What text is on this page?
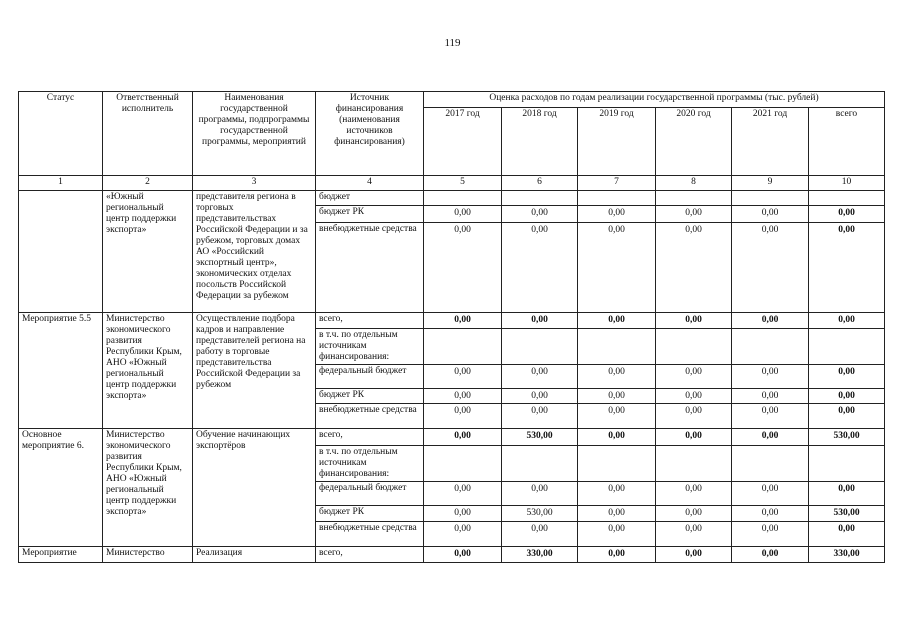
119
Статус	Ответственный исполнитель	Наименования государственной программы, подпрограммы государственной программы, мероприятий	Источник финансирования (наименования источников финансирования)	Оценка расходов по годам реализации государственной программы (тыс. рублей)					
				2017 год	2018 год	2019 год	2020 год	2021 год	всего
1	2	3	4	5	6	7	8	9	10
	«Южный региональный центр поддержки экспорта»	представителя региона в торговых представительствах Российской Федерации и за рубежом, торговых домах АО «Российский экспортный центр», экономических отделах посольств Российской Федерации за рубежом	бюджет						
			бюджет РК	0,00	0,00	0,00	0,00	0,00	0,00
			внебюджетные средства	0,00	0,00	0,00	0,00	0,00	0,00
Мероприятие 5.5	Министерство экономического развития Республики Крым, АНО «Южный региональный центр поддержки экспорта»	Осуществление подбора кадров и направление представителей региона на работу в торговые представительства Российской Федерации за рубежом	всего,	0,00	0,00	0,00	0,00	0,00	0,00
			в т.ч. по отдельным источникам финансирования:						
			федеральный бюджет	0,00	0,00	0,00	0,00	0,00	0,00
			бюджет РК	0,00	0,00	0,00	0,00	0,00	0,00
			внебюджетные средства	0,00	0,00	0,00	0,00	0,00	0,00
Основное мероприятие 6.	Министерство экономического развития Республики Крым, АНО «Южный региональный центр поддержки экспорта»	Обучение начинающих экспортёров	всего,	0,00	530,00	0,00	0,00	0,00	530,00
			в т.ч. по отдельным источникам финансирования:						
			федеральный бюджет	0,00	0,00	0,00	0,00	0,00	0,00
			бюджет РК	0,00	530,00	0,00	0,00	0,00	530,00
			внебюджетные средства	0,00	0,00	0,00	0,00	0,00	0,00
Мероприятие	Министерство	Реализация	всего,	0,00	330,00	0,00	0,00	0,00	330,00
